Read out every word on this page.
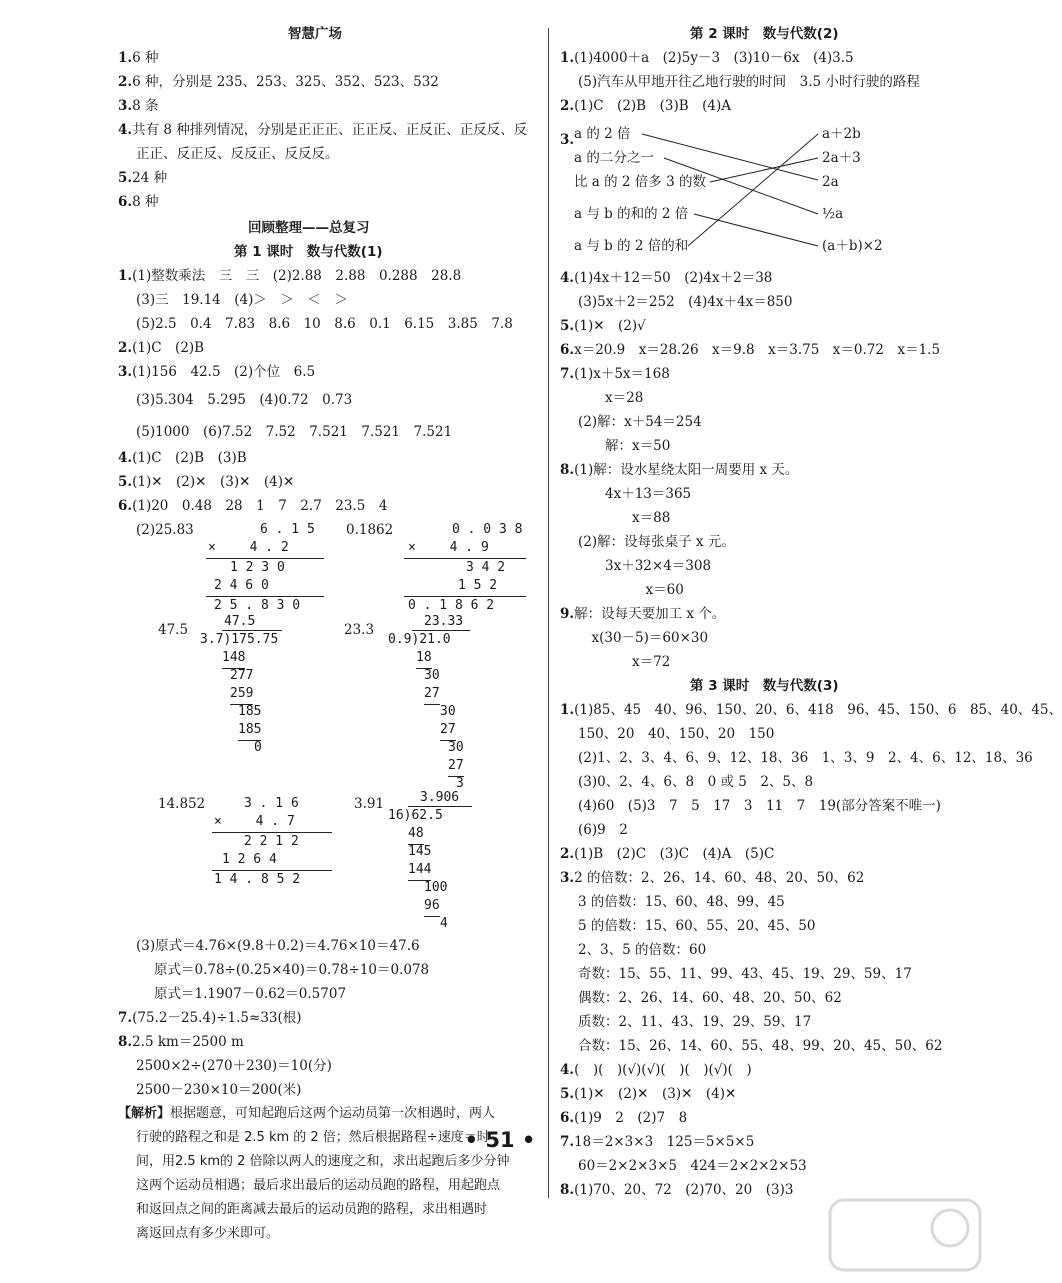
智慧广场
1.6 种
2.6 种，分别是 235、253、325、352、523、532
3.8 条
4.共有 8 种排列情况，分别是正正正、正正反、正反正、正反反、反
正正、反正反、反反正、反反反。
5.24 种
6.8 种
回顾整理——总复习
第 1 课时　数与代数(1)
1.(1)整数乘法　三　三　(2)2.88　2.88　0.288　28.8
(3)三　19.14　(4)＞　＞　＜　＞
(5)2.5　0.4　7.83　8.6　10　8.6　0.1　6.15　3.85　7.8
2.(1)C　(2)B
3.(1)156　42.5　(2)个位　6.5
(3)5.304　5.295　(4)0.72　0.73
(5)1000　(6)7.52　7.52　7.521　7.521　7.521
4.(1)C　(2)B　(3)B
5.(1)✕　(2)✕　(3)✕　(4)✕
6.(1)20　0.48　28　1　7　2.7　23.5　4
(2)25.83	6 . 1 5
×　　 4 . 2
1 2 3 0
2 4 6 0
2 5 . 8 3 0
0.1862	0 . 0 3 8
×　　 4 . 9
3 4 2
1 5 2
0 . 1 8 6 2
47.5
47.5
3.7)175.75
148
277
259
185
185
0
23.3
23.33
0.9)21.0
18
30
27
30
27
30
27
3
14.852	3 . 1 6
×　　 4 . 7
2 2 1 2
1 2 6 4
1 4 . 8 5 2
3.91	3.906
16)62.5
48
145
144
100
96
4
(3)原式＝4.76×(9.8＋0.2)＝4.76×10＝47.6
原式＝0.78÷(0.25×40)＝0.78÷10＝0.078
原式＝1.1907－0.62＝0.5707
7.(75.2－25.4)÷1.5≈33(根)
8.2.5 km＝2500 m
2500×2÷(270＋230)＝10(分)
2500－230×10＝200(米)
【解析】根据题意，可知起跑后这两个运动员第一次相遇时，两人
行驶的路程之和是 2.5 km 的 2 倍；然后根据路程÷速度＝时
间，用2.5 km的 2 倍除以两人的速度之和，求出起跑后多少分钟
这两个运动员相遇；最后求出最后的运动员跑的路程，用起跑点
和返回点之间的距离减去最后的运动员跑的路程，求出相遇时
离返回点有多少米即可。
第 2 课时　数与代数(2)
1.(1)4000＋a　(2)5y－3　(3)10－6x　(4)3.5
(5)汽车从甲地开往乙地行驶的时间　3.5 小时行驶的路程
2.(1)C　(2)B　(3)B　(4)A
3. a 的 2 倍
a 的二分之一
比 a 的 2 倍多 3 的数
a 与 b 的和的 2 倍
a 与 b 的 2 倍的和
a＋2b
2a＋3
2a
½a
(a＋b)×2
4.(1)4x＋12＝50　(2)4x＋2＝38
(3)5x＋2＝252　(4)4x＋4x＝850
5.(1)✕　(2)√
6.x＝20.9　x＝28.26　x＝9.8　x＝3.75　x＝0.72　x＝1.5
7.(1)x＋5x＝168
　　x＝28
(2)解：x＋54＝254
　　解：x＝50
8.(1)解：设水星绕太阳一周要用 x 天。
　　4x＋13＝365
　　　　x＝88
(2)解：设每张桌子 x 元。
　　3x＋32×4＝308
　　　　　x＝60
9.解：设每天要加工 x 个。
　x(30－5)＝60×30
　　　　x＝72
第 3 课时　数与代数(3)
1.(1)85、45　40、96、150、20、6、418　96、45、150、6　85、40、45、
150、20　40、150、20　150
(2)1、2、3、4、6、9、12、18、36　1、3、9　2、4、6、12、18、36
(3)0、2、4、6、8　0 或 5　2、5、8
(4)60　(5)3　7　5　17　3　11　7　19(部分答案不唯一)
(6)9　2
2.(1)B　(2)C　(3)C　(4)A　(5)C
3.2 的倍数：2、26、14、60、48、20、50、62
3 的倍数：15、60、48、99、45
5 的倍数：15、60、55、20、45、50
2、3、5 的倍数：60
奇数：15、55、11、99、43、45、19、29、59、17
偶数：2、26、14、60、48、20、50、62
质数：2、11、43、19、29、59、17
合数：15、26、14、60、55、48、99、20、45、50、62
4.(　)(　)(√)(√)(　)(　)(√)(　)
5.(1)✕　(2)✕　(3)✕　(4)✕
6.(1)9　2　(2)7　8
7.18＝2×3×3　125＝5×5×5
60＝2×2×3×5　424＝2×2×2×53
8.(1)70、20、72　(2)70、20　(3)3
• 51 •
